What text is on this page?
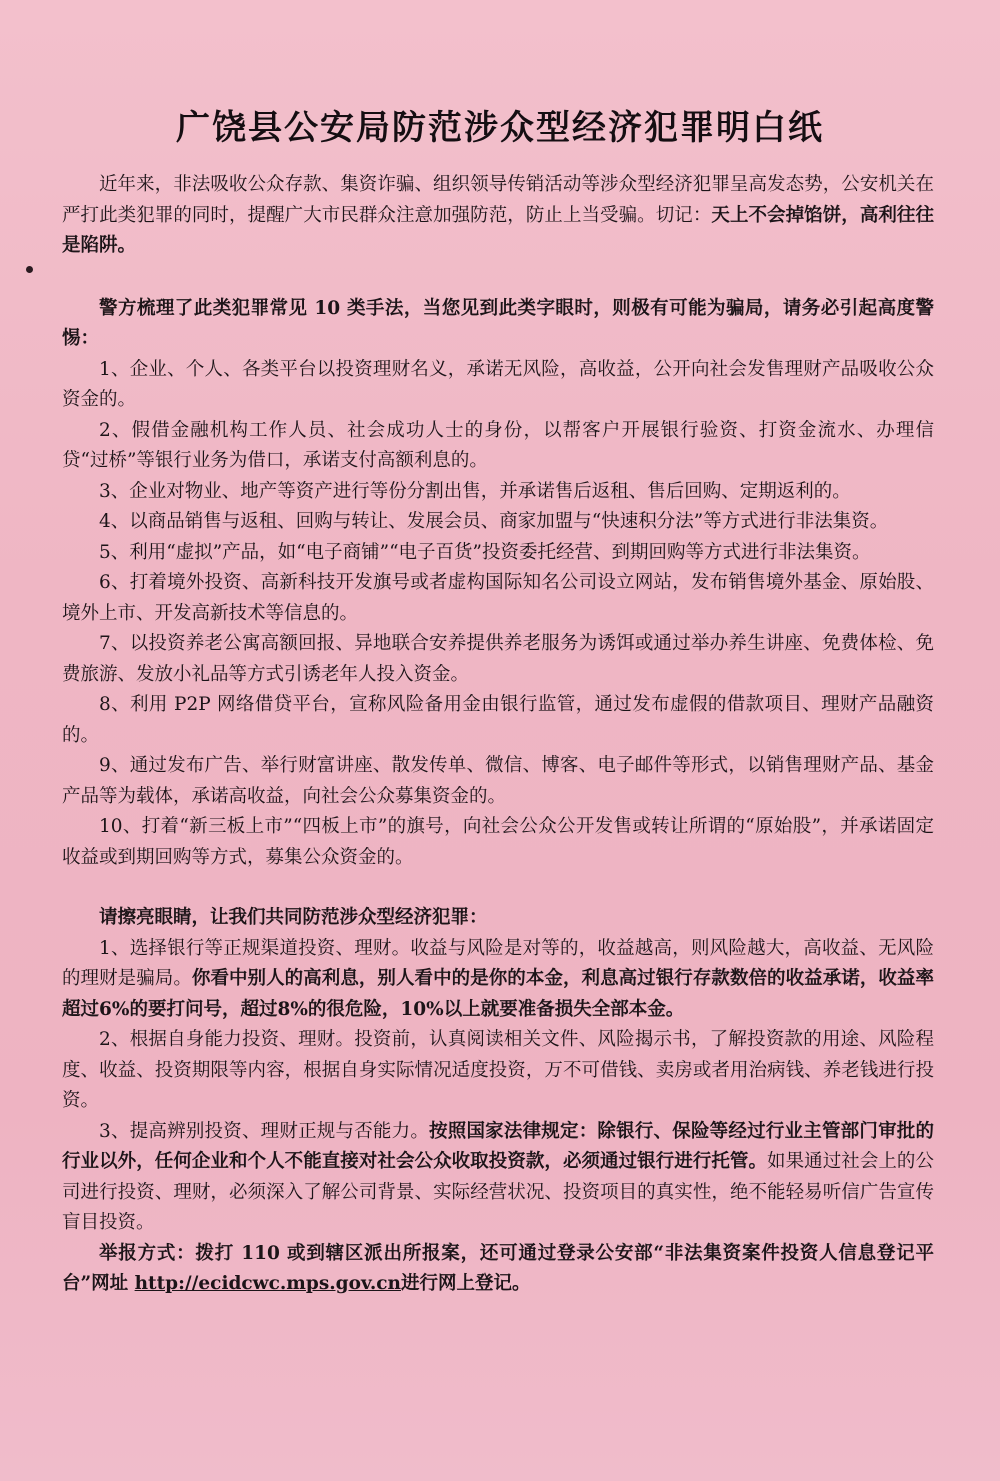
广饶县公安局防范涉众型经济犯罪明白纸

近年来，非法吸收公众存款、集资诈骗、组织领导传销活动等涉众型经济犯罪呈高发态势，公安机关在严打此类犯罪的同时，提醒广大市民群众注意加强防范，防止上当受骗。切记：天上不会掉馅饼，高利往往是陷阱。

警方梳理了此类犯罪常见 10 类手法，当您见到此类字眼时，则极有可能为骗局，请务必引起高度警惕：

1、企业、个人、各类平台以投资理财名义，承诺无风险，高收益，公开向社会发售理财产品吸收公众资金的。

2、假借金融机构工作人员、社会成功人士的身份，以帮客户开展银行验资、打资金流水、办理信贷“过桥”等银行业务为借口，承诺支付高额利息的。

3、企业对物业、地产等资产进行等份分割出售，并承诺售后返租、售后回购、定期返利的。

4、以商品销售与返租、回购与转让、发展会员、商家加盟与“快速积分法”等方式进行非法集资。

5、利用“虚拟”产品，如“电子商铺”“电子百货”投资委托经营、到期回购等方式进行非法集资。

6、打着境外投资、高新科技开发旗号或者虚构国际知名公司设立网站，发布销售境外基金、原始股、境外上市、开发高新技术等信息的。

7、以投资养老公寓高额回报、异地联合安养提供养老服务为诱饵或通过举办养生讲座、免费体检、免费旅游、发放小礼品等方式引诱老年人投入资金。

8、利用 P2P 网络借贷平台，宣称风险备用金由银行监管，通过发布虚假的借款项目、理财产品融资的。

9、通过发布广告、举行财富讲座、散发传单、微信、博客、电子邮件等形式，以销售理财产品、基金产品等为载体，承诺高收益，向社会公众募集资金的。

10、打着“新三板上市”“四板上市”的旗号，向社会公众公开发售或转让所谓的“原始股”，并承诺固定收益或到期回购等方式，募集公众资金的。

请擦亮眼睛，让我们共同防范涉众型经济犯罪：

1、选择银行等正规渠道投资、理财。收益与风险是对等的，收益越高，则风险越大，高收益、无风险的理财是骗局。你看中别人的高利息，别人看中的是你的本金，利息高过银行存款数倍的收益承诺，收益率超过6%的要打问号，超过8%的很危险，10%以上就要准备损失全部本金。

2、根据自身能力投资、理财。投资前，认真阅读相关文件、风险揭示书，了解投资款的用途、风险程度、收益、投资期限等内容，根据自身实际情况适度投资，万不可借钱、卖房或者用治病钱、养老钱进行投资。

3、提高辨别投资、理财正规与否能力。按照国家法律规定：除银行、保险等经过行业主管部门审批的行业以外，任何企业和个人不能直接对社会公众收取投资款，必须通过银行进行托管。如果通过社会上的公司进行投资、理财，必须深入了解公司背景、实际经营状况、投资项目的真实性，绝不能轻易听信广告宣传盲目投资。

举报方式：拨打 110 或到辖区派出所报案，还可通过登录公安部“非法集资案件投资人信息登记平台”网址 http://ecidcwc.mps.gov.cn进行网上登记。
